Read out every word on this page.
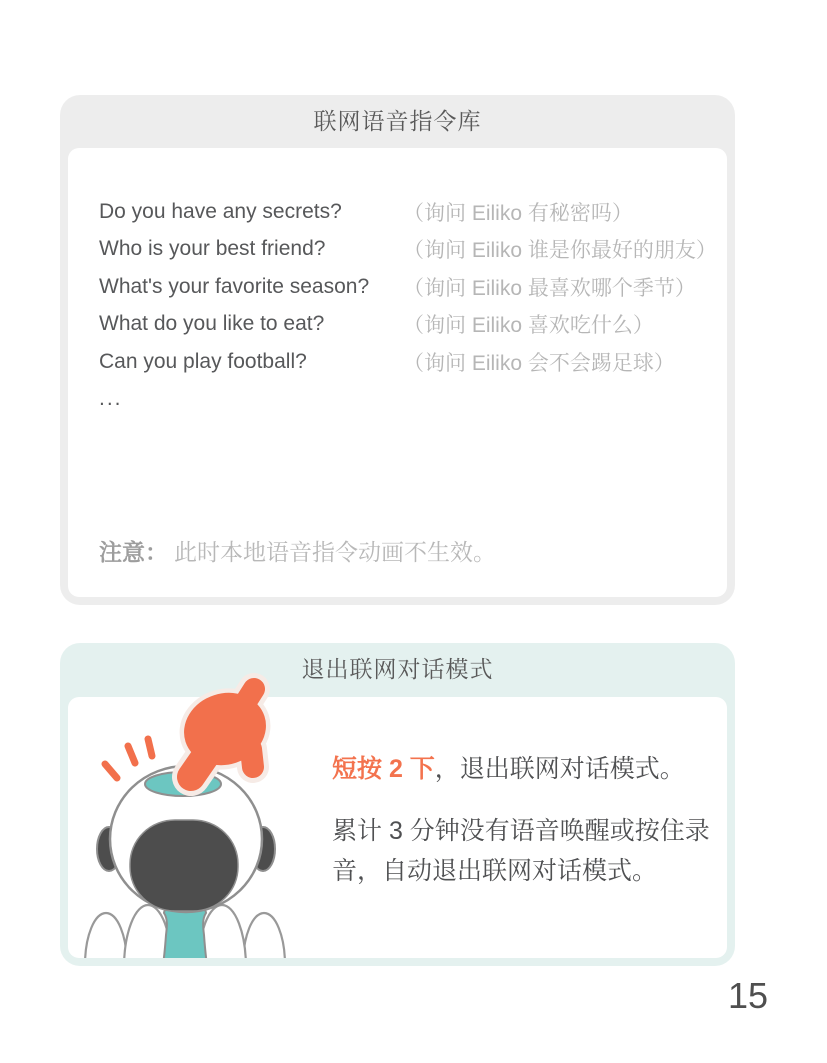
联网语音指令库
Do you have any secrets?	（询问 Eiliko 有秘密吗）
Who is your best friend?	（询问 Eiliko 谁是你最好的朋友）
What's your favorite season? （询问 Eiliko 最喜欢哪个季节）
What do you like to eat?	（询问 Eiliko 喜欢吃什么）
Can you play football?	（询问 Eiliko 会不会踢足球）
...
注意： 此时本地语音指令动画不生效。
退出联网对话模式

短按 2 下，退出联网对话模式。

累计 3 分钟没有语音唤醒或按住录音，自动退出联网对话模式。

15
